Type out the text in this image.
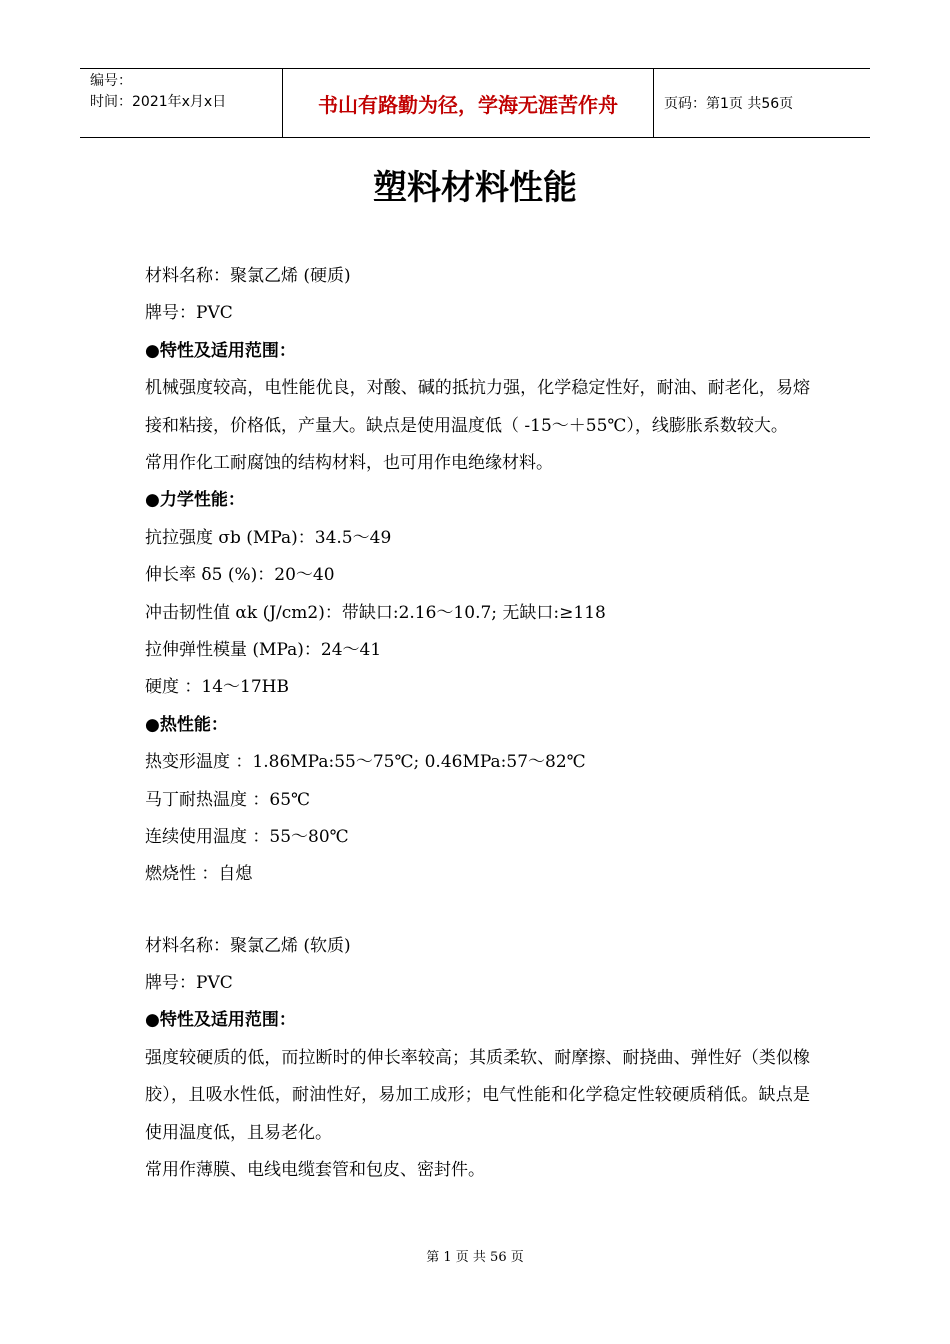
编号：
时间：2021年x月x日	书山有路勤为径，学海无涯苦作舟	页码：第1页 共56页
塑料材料性能
材料名称：聚氯乙烯 (硬质)
牌号：PVC
●特性及适用范围：
机械强度较高，电性能优良，对酸、碱的抵抗力强，化学稳定性好，耐油、耐老化，易熔接和粘接，价格低，产量大。缺点是使用温度低（ -15～＋55℃），线膨胀系数较大。
常用作化工耐腐蚀的结构材料，也可用作电绝缘材料。
●力学性能：
抗拉强度 σb (MPa)：34.5～49
伸长率 δ5 (%)：20～40
冲击韧性值 αk (J/cm2)：带缺口:2.16～10.7; 无缺口:≥118
拉伸弹性模量 (MPa)：24～41
硬度 ：14～17HB
●热性能：
热变形温度 ：1.86MPa:55～75℃; 0.46MPa:57～82℃
马丁耐热温度 ：65℃
连续使用温度 ：55～80℃
燃烧性 ：自熄
材料名称：聚氯乙烯 (软质)
牌号：PVC
●特性及适用范围：
强度较硬质的低，而拉断时的伸长率较高；其质柔软、耐摩擦、耐挠曲、弹性好（类似橡胶），且吸水性低，耐油性好，易加工成形；电气性能和化学稳定性较硬质稍低。缺点是使用温度低，且易老化。
常用作薄膜、电线电缆套管和包皮、密封件。
第 1 页 共 56 页
